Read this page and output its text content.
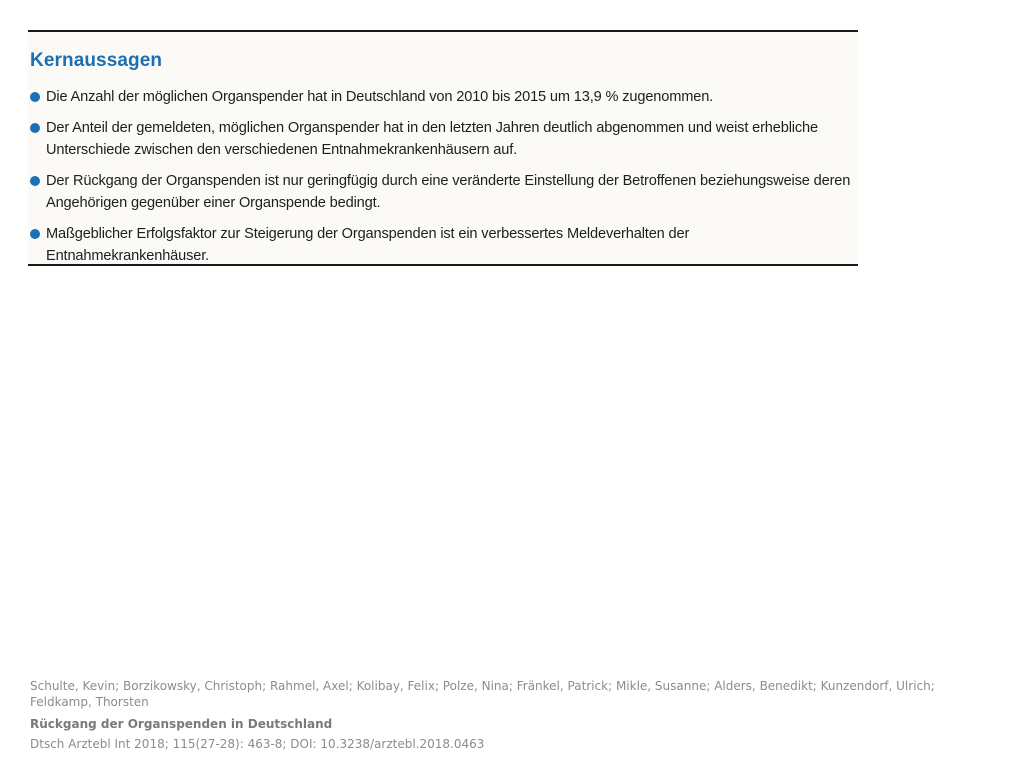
Kernaussagen
Die Anzahl der möglichen Organspender hat in Deutschland von 2010 bis 2015 um 13,9 % zugenommen.
Der Anteil der gemeldeten, möglichen Organspender hat in den letzten Jahren deutlich abgenommen und weist erhebliche Unterschiede zwischen den verschiedenen Entnahmekrankenhäusern auf.
Der Rückgang der Organspenden ist nur geringfügig durch eine veränderte Einstellung der Betroffenen beziehungsweise deren Angehörigen gegenüber einer Organspende bedingt.
Maßgeblicher Erfolgsfaktor zur Steigerung der Organspenden ist ein verbessertes Meldeverhalten der Entnahmekrankenhäuser.

Schulte, Kevin; Borzikowsky, Christoph; Rahmel, Axel; Kolibay, Felix; Polze, Nina; Fränkel, Patrick; Mikle, Susanne; Alders, Benedikt; Kunzendorf, Ulrich; Feldkamp, Thorsten

Rückgang der Organspenden in Deutschland

Dtsch Arztebl Int 2018; 115(27-28): 463-8; DOI: 10.3238/arztebl.2018.0463
